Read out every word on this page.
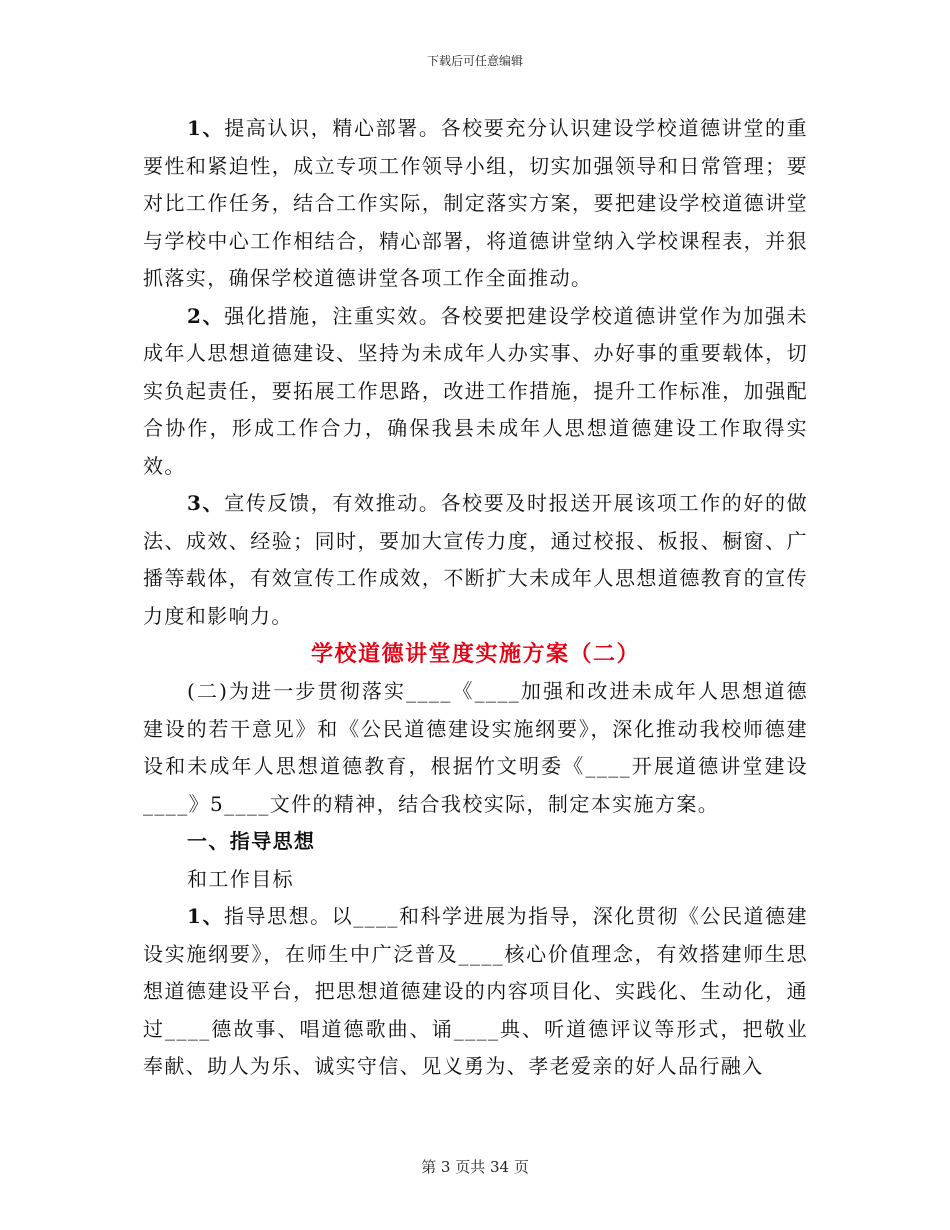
下载后可任意编辑

1、提高认识，精心部署。各校要充分认识建设学校道德讲堂的重要性和紧迫性，成立专项工作领导小组，切实加强领导和日常管理；要对比工作任务，结合工作实际，制定落实方案，要把建设学校道德讲堂与学校中心工作相结合，精心部署，将道德讲堂纳入学校课程表，并狠抓落实，确保学校道德讲堂各项工作全面推动。

2、强化措施，注重实效。各校要把建设学校道德讲堂作为加强未成年人思想道德建设、坚持为未成年人办实事、办好事的重要载体，切实负起责任，要拓展工作思路，改进工作措施，提升工作标准，加强配合协作，形成工作合力，确保我县未成年人思想道德建设工作取得实效。

3、宣传反馈，有效推动。各校要及时报送开展该项工作的好的做法、成效、经验；同时，要加大宣传力度，通过校报、板报、橱窗、广播等载体，有效宣传工作成效，不断扩大未成年人思想道德教育的宣传力度和影响力。

学校道德讲堂度实施方案（二）

(二)为进一步贯彻落实____《____加强和改进未成年人思想道德建设的若干意见》和《公民道德建设实施纲要》，深化推动我校师德建设和未成年人思想道德教育，根据竹文明委《____开展道德讲堂建设____》5____文件的精神，结合我校实际，制定本实施方案。

一、指导思想

和工作目标

1、指导思想。以____和科学进展为指导，深化贯彻《公民道德建设实施纲要》，在师生中广泛普及____核心价值理念，有效搭建师生思想道德建设平台，把思想道德建设的内容项目化、实践化、生动化，通过____德故事、唱道德歌曲、诵____典、听道德评议等形式，把敬业奉献、助人为乐、诚实守信、见义勇为、孝老爱亲的好人品行融入

第 3 页共 34 页
